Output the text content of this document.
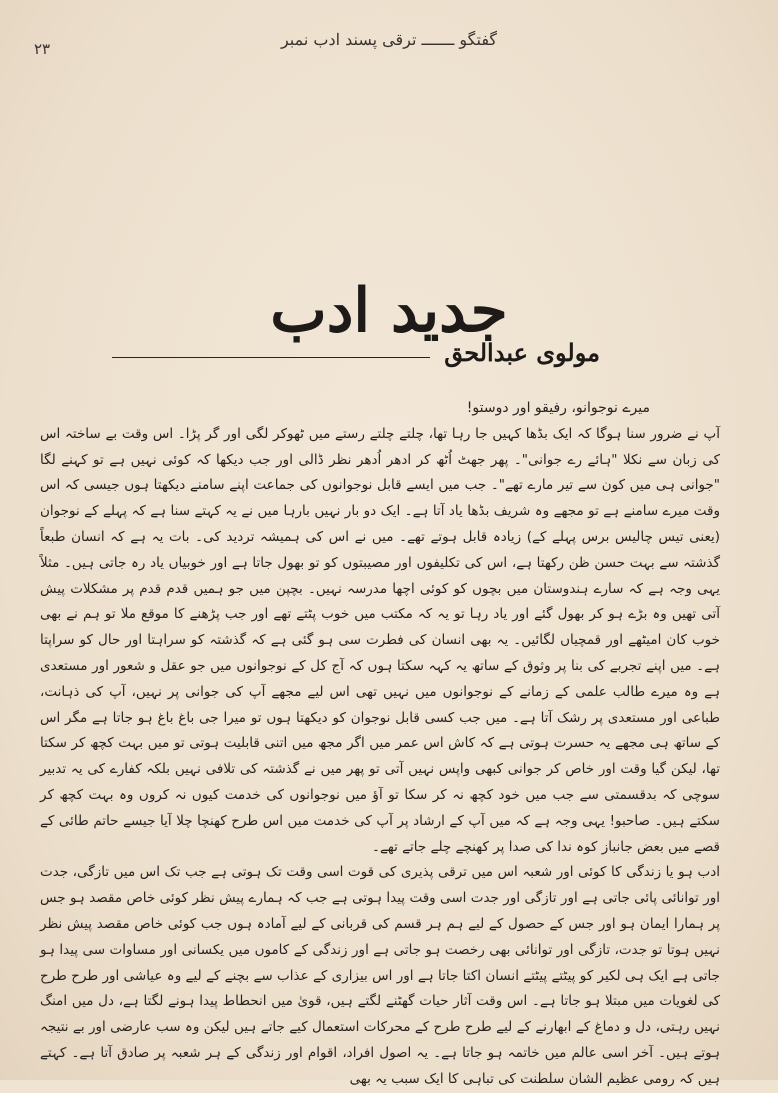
۲۳	گفتگو ـــــــ ترقی پسند ادب نمبر
جدید ادب
مولوی عبدالحق

میرے نوجوانو، رفیقو اور دوستو!

آپ نے ضرور سنا ہوگا کہ ایک بڈھا کہیں جا رہا تھا، چلتے چلتے رستے میں ٹھوکر لگی اور گر پڑا۔ اس وقت بے ساختہ اس کی زبان سے نکلا "ہائے رے جوانی"۔ پھر جھٹ اُٹھ کر ادھر اُدھر نظر ڈالی اور جب دیکھا کہ کوئی نہیں ہے تو کہنے لگا "جوانی ہی میں کون سے تیر مارے تھے"۔ جب میں ایسے قابل نوجوانوں کی جماعت اپنے سامنے دیکھتا ہوں جیسی کہ اس وقت میرے سامنے ہے تو مجھے وہ شریف بڈھا یاد آتا ہے۔ ایک دو بار نہیں بارہا میں نے یہ کہتے سنا ہے کہ پہلے کے نوجوان (یعنی تیس چالیس برس پہلے کے) زیادہ قابل ہوتے تھے۔ میں نے اس کی ہمیشہ تردید کی۔ بات یہ ہے کہ انسان طبعاً گذشتہ سے بہت حسن ظن رکھتا ہے، اس کی تکلیفوں اور مصیبتوں کو تو بھول جاتا ہے اور خوبیاں یاد رہ جاتی ہیں۔ مثلاً یہی وجہ ہے کہ سارے ہندوستان میں بچوں کو کوئی اچھا مدرسہ نہیں۔ بچپن میں جو ہمیں قدم قدم پر مشکلات پیش آتی تھیں وہ بڑے ہو کر بھول گئے اور یاد رہا تو یہ کہ مکتب میں خوب پٹتے تھے اور جب پڑھنے کا موقع ملا تو ہم نے بھی خوب کان امیٹھے اور قمچیاں لگائیں۔ یہ بھی انسان کی فطرت سی ہو گئی ہے کہ گذشتہ کو سراہتا اور حال کو سراپتا ہے۔ میں اپنے تجربے کی بنا پر وثوق کے ساتھ یہ کہہ سکتا ہوں کہ آج کل کے نوجوانوں میں جو عقل و شعور اور مستعدی ہے وہ میرے طالب علمی کے زمانے کے نوجوانوں میں نہیں تھی اس لیے مجھے آپ کی جوانی پر نہیں، آپ کی ذہانت، طباعی اور مستعدی پر رشک آتا ہے۔ میں جب کسی قابل نوجوان کو دیکھتا ہوں تو میرا جی باغ باغ ہو جاتا ہے مگر اس کے ساتھ ہی مجھے یہ حسرت ہوتی ہے کہ کاش اس عمر میں اگر مجھ میں اتنی قابلیت ہوتی تو میں بہت کچھ کر سکتا تھا، لیکن گیا وقت اور خاص کر جوانی کبھی واپس نہیں آتی تو پھر میں نے گذشتہ کی تلافی نہیں بلکہ کفارے کی یہ تدبیر سوچی کہ بدقسمتی سے جب میں خود کچھ نہ کر سکا تو آؤ میں نوجوانوں کی خدمت کیوں نہ کروں وہ بہت کچھ کر سکتے ہیں۔ صاحبو! یہی وجہ ہے کہ میں آپ کے ارشاد پر آپ کی خدمت میں اس طرح کھنچا چلا آیا جیسے حاتم طائی کے قصے میں بعض جانباز کوہ ندا کی صدا پر کھنچے چلے جاتے تھے۔

ادب ہو یا زندگی کا کوئی اور شعبہ اس میں ترقی پذیری کی قوت اسی وقت تک ہوتی ہے جب تک اس میں تازگی، جدت اور توانائی پائی جاتی ہے اور تازگی اور جدت اسی وقت پیدا ہوتی ہے جب کہ ہمارے پیش نظر کوئی خاص مقصد ہو جس پر ہمارا ایمان ہو اور جس کے حصول کے لیے ہم ہر قسم کی قربانی کے لیے آمادہ ہوں جب کوئی خاص مقصد پیش نظر نہیں ہوتا تو جدت، تازگی اور توانائی بھی رخصت ہو جاتی ہے اور زندگی کے کاموں میں یکسانی اور مساوات سی پیدا ہو جاتی ہے ایک ہی لکیر کو پیٹتے پیٹتے انسان اکتا جاتا ہے اور اس بیزاری کے عذاب سے بچنے کے لیے وہ عیاشی اور طرح طرح کی لغویات میں مبتلا ہو جاتا ہے۔ اس وقت آثار حیات گھٹنے لگتے ہیں، قویٰ میں انحطاط پیدا ہونے لگتا ہے، دل میں امنگ نہیں رہتی، دل و دماغ کے ابھارنے کے لیے طرح طرح کے محرکات استعمال کیے جاتے ہیں لیکن وہ سب عارضی اور بے نتیجہ ہوتے ہیں۔ آخر اسی عالم میں خاتمہ ہو جاتا ہے۔ یہ اصول افراد، اقوام اور زندگی کے ہر شعبہ پر صادق آتا ہے۔ کہتے ہیں کہ رومی عظیم الشان سلطنت کی تباہی کا ایک سبب یہ بھی
